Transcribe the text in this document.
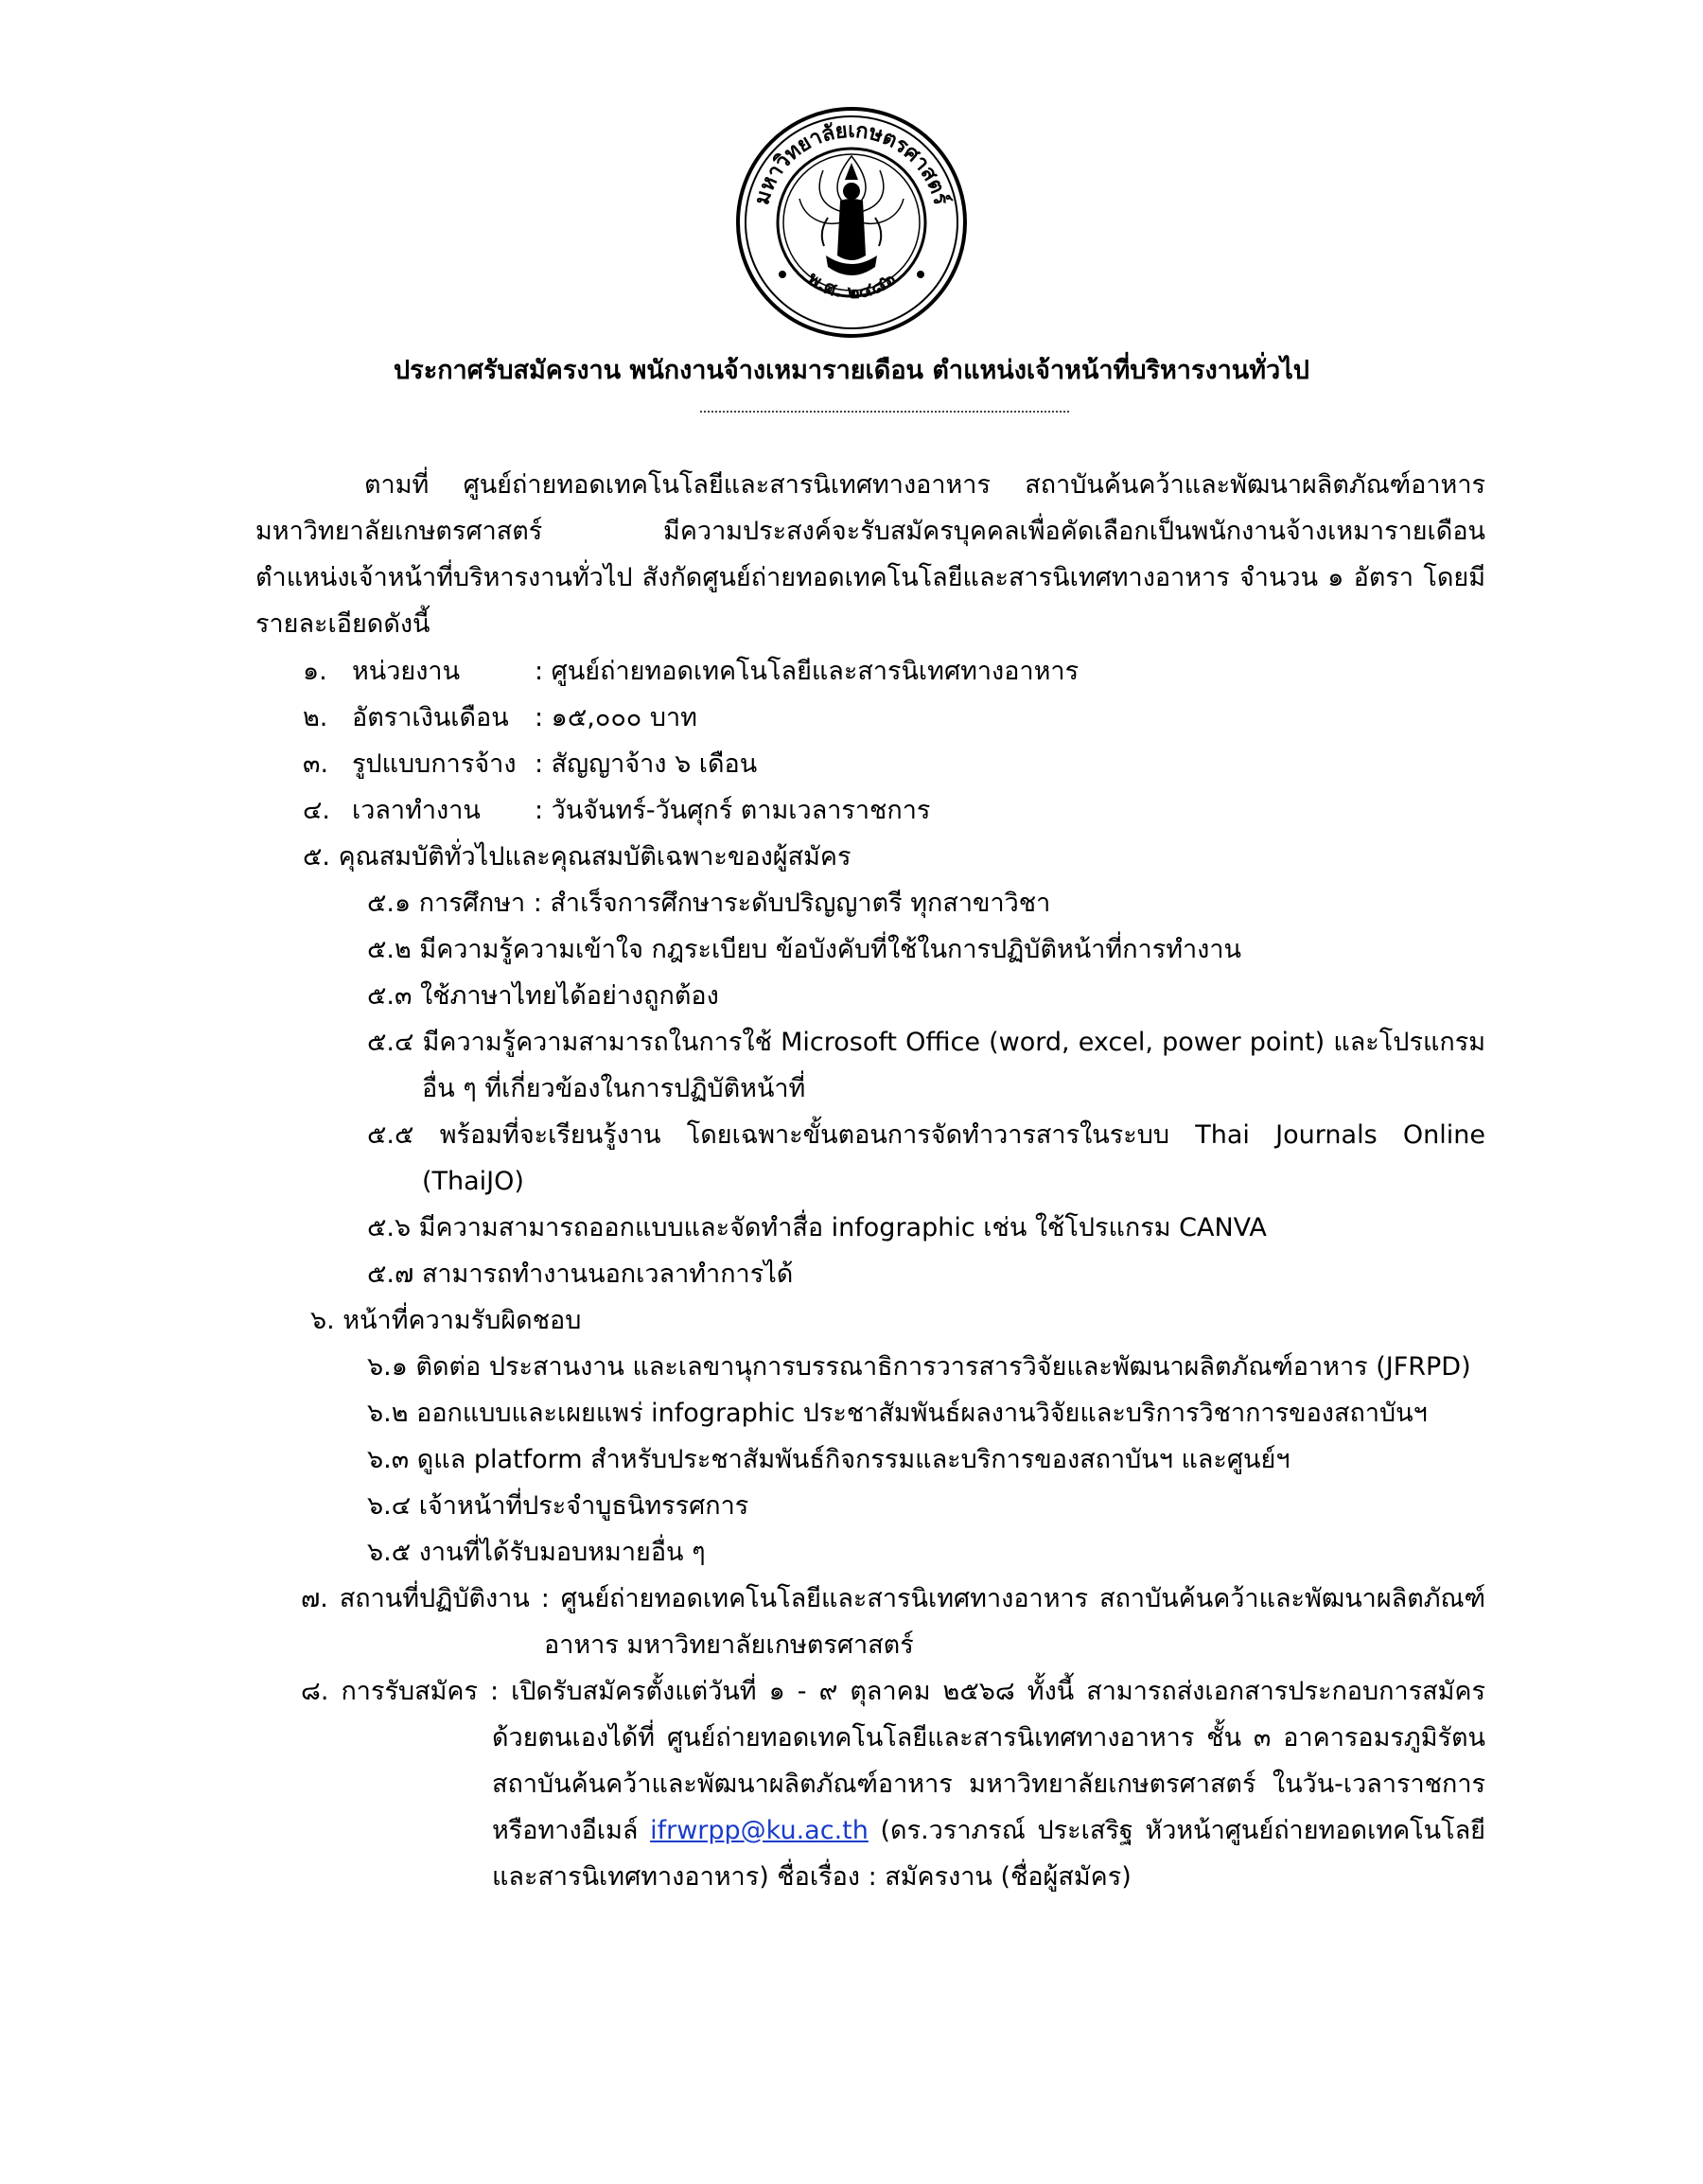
มหาวิทยาลัยเกษตรศาสตร์
พ.ศ. ๒๔๘๖
ประกาศรับสมัครงาน พนักงานจ้างเหมารายเดือน ตำแหน่งเจ้าหน้าที่บริหารงานทั่วไป
ตามที่ ศูนย์ถ่ายทอดเทคโนโลยีและสารนิเทศทางอาหาร สถาบันค้นคว้าและพัฒนาผลิตภัณฑ์อาหาร
มหาวิทยาลัยเกษตรศาสตร์ มีความประสงค์จะรับสมัครบุคคลเพื่อคัดเลือกเป็นพนักงานจ้างเหมารายเดือน
ตำแหน่งเจ้าหน้าที่บริหารงานทั่วไป สังกัดศูนย์ถ่ายทอดเทคโนโลยีและสารนิเทศทางอาหาร จำนวน ๑ อัตรา โดยมี
รายละเอียดดังนี้
๑. หน่วยงาน	: ศูนย์ถ่ายทอดเทคโนโลยีและสารนิเทศทางอาหาร
๒. อัตราเงินเดือน : ๑๕,๐๐๐ บาท
๓. รูปแบบการจ้าง : สัญญาจ้าง ๖ เดือน
๔. เวลาทำงาน : วันจันทร์-วันศุกร์ ตามเวลาราชการ
๕. คุณสมบัติทั่วไปและคุณสมบัติเฉพาะของผู้สมัคร
๕.๑ การศึกษา : สำเร็จการศึกษาระดับปริญญาตรี ทุกสาขาวิชา
๕.๒ มีความรู้ความเข้าใจ กฎระเบียบ ข้อบังคับที่ใช้ในการปฏิบัติหน้าที่การทำงาน
๕.๓ ใช้ภาษาไทยได้อย่างถูกต้อง
๕.๔ มีความรู้ความสามารถในการใช้ Microsoft Office (word, excel, power point) และโปรแกรม
อื่น ๆ ที่เกี่ยวข้องในการปฏิบัติหน้าที่
๕.๕ พร้อมที่จะเรียนรู้งาน โดยเฉพาะขั้นตอนการจัดทำวารสารในระบบ Thai Journals Online
(ThaiJO)
๕.๖ มีความสามารถออกแบบและจัดทำสื่อ infographic เช่น ใช้โปรแกรม CANVA
๕.๗ สามารถทำงานนอกเวลาทำการได้
๖. หน้าที่ความรับผิดชอบ
๖.๑ ติดต่อ ประสานงาน และเลขานุการบรรณาธิการวารสารวิจัยและพัฒนาผลิตภัณฑ์อาหาร (JFRPD)
๖.๒ ออกแบบและเผยแพร่ infographic ประชาสัมพันธ์ผลงานวิจัยและบริการวิชาการของสถาบันฯ
๖.๓ ดูแล platform สำหรับประชาสัมพันธ์กิจกรรมและบริการของสถาบันฯ และศูนย์ฯ
๖.๔ เจ้าหน้าที่ประจำบูธนิทรรศการ
๖.๕ งานที่ได้รับมอบหมายอื่น ๆ
๗. สถานที่ปฏิบัติงาน : ศูนย์ถ่ายทอดเทคโนโลยีและสารนิเทศทางอาหาร สถาบันค้นคว้าและพัฒนาผลิตภัณฑ์
อาหาร มหาวิทยาลัยเกษตรศาสตร์
๘. การรับสมัคร : เปิดรับสมัครตั้งแต่วันที่ ๑ - ๙ ตุลาคม ๒๕๖๘ ทั้งนี้ สามารถส่งเอกสารประกอบการสมัคร
ด้วยตนเองได้ที่ ศูนย์ถ่ายทอดเทคโนโลยีและสารนิเทศทางอาหาร ชั้น ๓ อาคารอมรภูมิรัตน
สถาบันค้นคว้าและพัฒนาผลิตภัณฑ์อาหาร มหาวิทยาลัยเกษตรศาสตร์ ในวัน-เวลาราชการ
หรือทางอีเมล์ ifrwrpp@ku.ac.th (ดร.วราภรณ์ ประเสริฐ หัวหน้าศูนย์ถ่ายทอดเทคโนโลยี
และสารนิเทศทางอาหาร) ชื่อเรื่อง : สมัครงาน (ชื่อผู้สมัคร)
